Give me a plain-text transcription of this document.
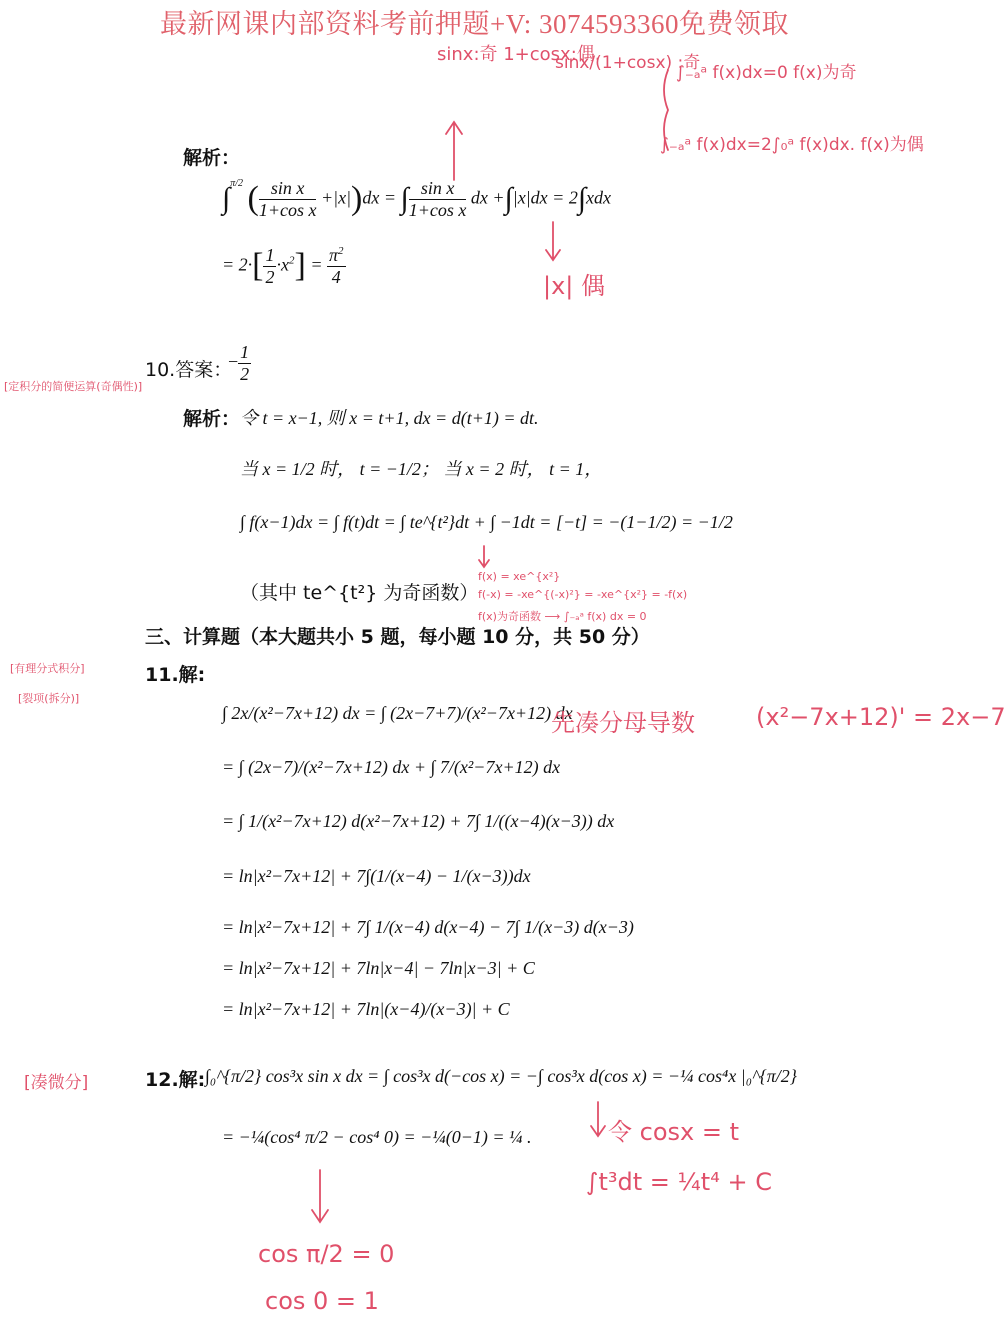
最新网课内部资料考前押题+V: 3074593360免费领取
解析：
∫$^{\pi/2}$ ( $\frac{\text{sin x}}{\text{1+cos x}} +|x|)dx$ = ∫ $\frac{\text{sin x}}{\text{1+cos x}}$ dx +∫|x|dx = 2∫xdx
= $2\cdot[ \frac{1}{2} \cdot x^2] = \frac{\pi^2}{4}$
sinx:奇 1+cosx:偶.
sinx/(1+cosx) :奇
∫₋ₐᵃ f(x)dx=0 f(x)为奇
∫₋ₐᵃ f(x)dx=2∫₀ᵃ f(x)dx. f(x)为偶
|x| 偶
[定积分的简便运算(奇偶性)]
10.答案：
− $\frac{1}{2}$
解析： 令 t = x−1, 则 x = t+1, dx = d(t+1) = dt.
当 x = 1/2 时， t = −1/2； 当 x = 2 时， t = 1，
∫ f(x−1)dx = ∫ f(t)dt = ∫ te^{t²}dt + ∫ −1dt = [−t] = −(1−1/2) = −1/2
（其中 te^{t²} 为奇函数）
f(x) = xe^{x²}
f(-x) = -xe^{(-x)²} = -xe^{x²} = -f(x)
f(x)为奇函数 ⟶ ∫₋ₐᵃ f(x) dx = 0
三、计算题（本大题共小 5 题，每小题 10 分，共 50 分）
[有理分式积分]
[裂项(拆分)]
11.解:
∫ 2x/(x²−7x+12) dx = ∫ (2x−7+7)/(x²−7x+12) dx
= ∫ (2x−7)/(x²−7x+12) dx + ∫ 7/(x²−7x+12) dx
= ∫ 1/(x²−7x+12) d(x²−7x+12) + 7∫ 1/((x−4)(x−3)) dx
= ln|x²−7x+12| + 7∫(1/(x−4) − 1/(x−3))dx
= ln|x²−7x+12| + 7∫ 1/(x−4) d(x−4) − 7∫ 1/(x−3) d(x−3)
= ln|x²−7x+12| + 7ln|x−4| − 7ln|x−3| + C
= ln|x²−7x+12| + 7ln|(x−4)/(x−3)| + C
先凑分母导数	(x²−7x+12)' = 2x−7
[凑微分]	12.解: ∫₀^{π/2} cos³x sin x dx = ∫ cos³x d(−cos x) = −∫ cos³x d(cos x) = −¼ cos⁴x |₀^{π/2}
= −¼(cos⁴ π/2 − cos⁴ 0) = −¼(0−1) = ¼ .	令 cosx = t
∫t³dt = ¼t⁴ + C
cos π/2 = 0
cos 0 = 1
